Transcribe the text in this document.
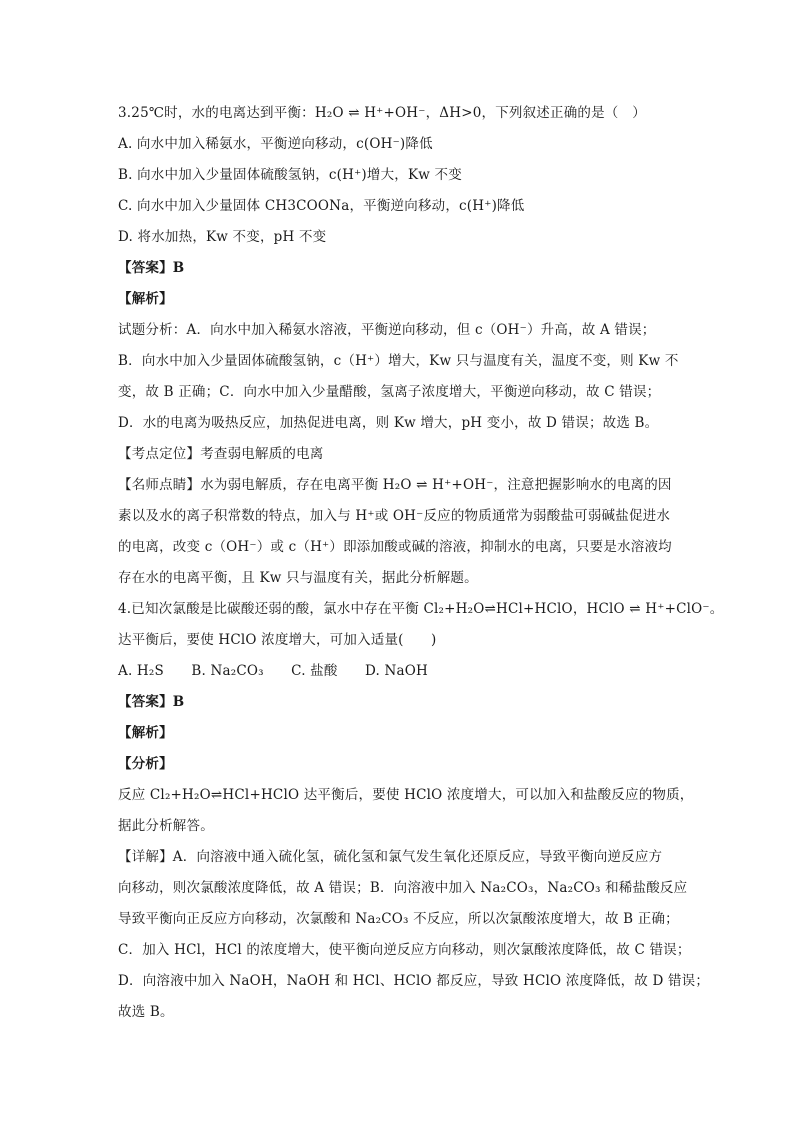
3.25℃时，水的电离达到平衡：H₂O ⇌ H⁺+OH⁻，ΔH>0，下列叙述正确的是（　）
A. 向水中加入稀氨水，平衡逆向移动，c(OH⁻)降低
B. 向水中加入少量固体硫酸氢钠，c(H⁺)增大，Kw 不变
C. 向水中加入少量固体 CH3COONa，平衡逆向移动，c(H⁺)降低
D. 将水加热，Kw 不变，pH 不变
【答案】B
【解析】
试题分析：A．向水中加入稀氨水溶液，平衡逆向移动，但 c（OH⁻）升高，故 A 错误；
B．向水中加入少量固体硫酸氢钠，c（H⁺）增大，Kw 只与温度有关，温度不变，则 Kw 不
变，故 B 正确；C．向水中加入少量醋酸，氢离子浓度增大，平衡逆向移动，故 C 错误；
D．水的电离为吸热反应，加热促进电离，则 Kw 增大，pH 变小，故 D 错误；故选 B。
【考点定位】考查弱电解质的电离
【名师点睛】水为弱电解质，存在电离平衡 H₂O ⇌ H⁺+OH⁻，注意把握影响水的电离的因
素以及水的离子积常数的特点，加入与 H⁺或 OH⁻反应的物质通常为弱酸盐可弱碱盐促进水
的电离，改变 c（OH⁻）或 c（H⁺）即添加酸或碱的溶液，抑制水的电离，只要是水溶液均
存在水的电离平衡，且 Kw 只与温度有关，据此分析解题。
4.已知次氯酸是比碳酸还弱的酸，氯水中存在平衡 Cl₂+H₂O⇌HCl+HClO，HClO ⇌ H⁺+ClO⁻。
达平衡后，要使 HClO 浓度增大，可加入适量(　　)
A. H₂S　　B. Na₂CO₃　　C. 盐酸　　D. NaOH
【答案】B
【解析】
【分析】
反应 Cl₂+H₂O⇌HCl+HClO 达平衡后，要使 HClO 浓度增大，可以加入和盐酸反应的物质，
据此分析解答。
【详解】A．向溶液中通入硫化氢，硫化氢和氯气发生氧化还原反应，导致平衡向逆反应方
向移动，则次氯酸浓度降低，故 A 错误；B．向溶液中加入 Na₂CO₃，Na₂CO₃ 和稀盐酸反应
导致平衡向正反应方向移动，次氯酸和 Na₂CO₃ 不反应，所以次氯酸浓度增大，故 B 正确；
C．加入 HCl，HCl 的浓度增大，使平衡向逆反应方向移动，则次氯酸浓度降低，故 C 错误；
D．向溶液中加入 NaOH，NaOH 和 HCl、HClO 都反应，导致 HClO 浓度降低，故 D 错误；
故选 B。
